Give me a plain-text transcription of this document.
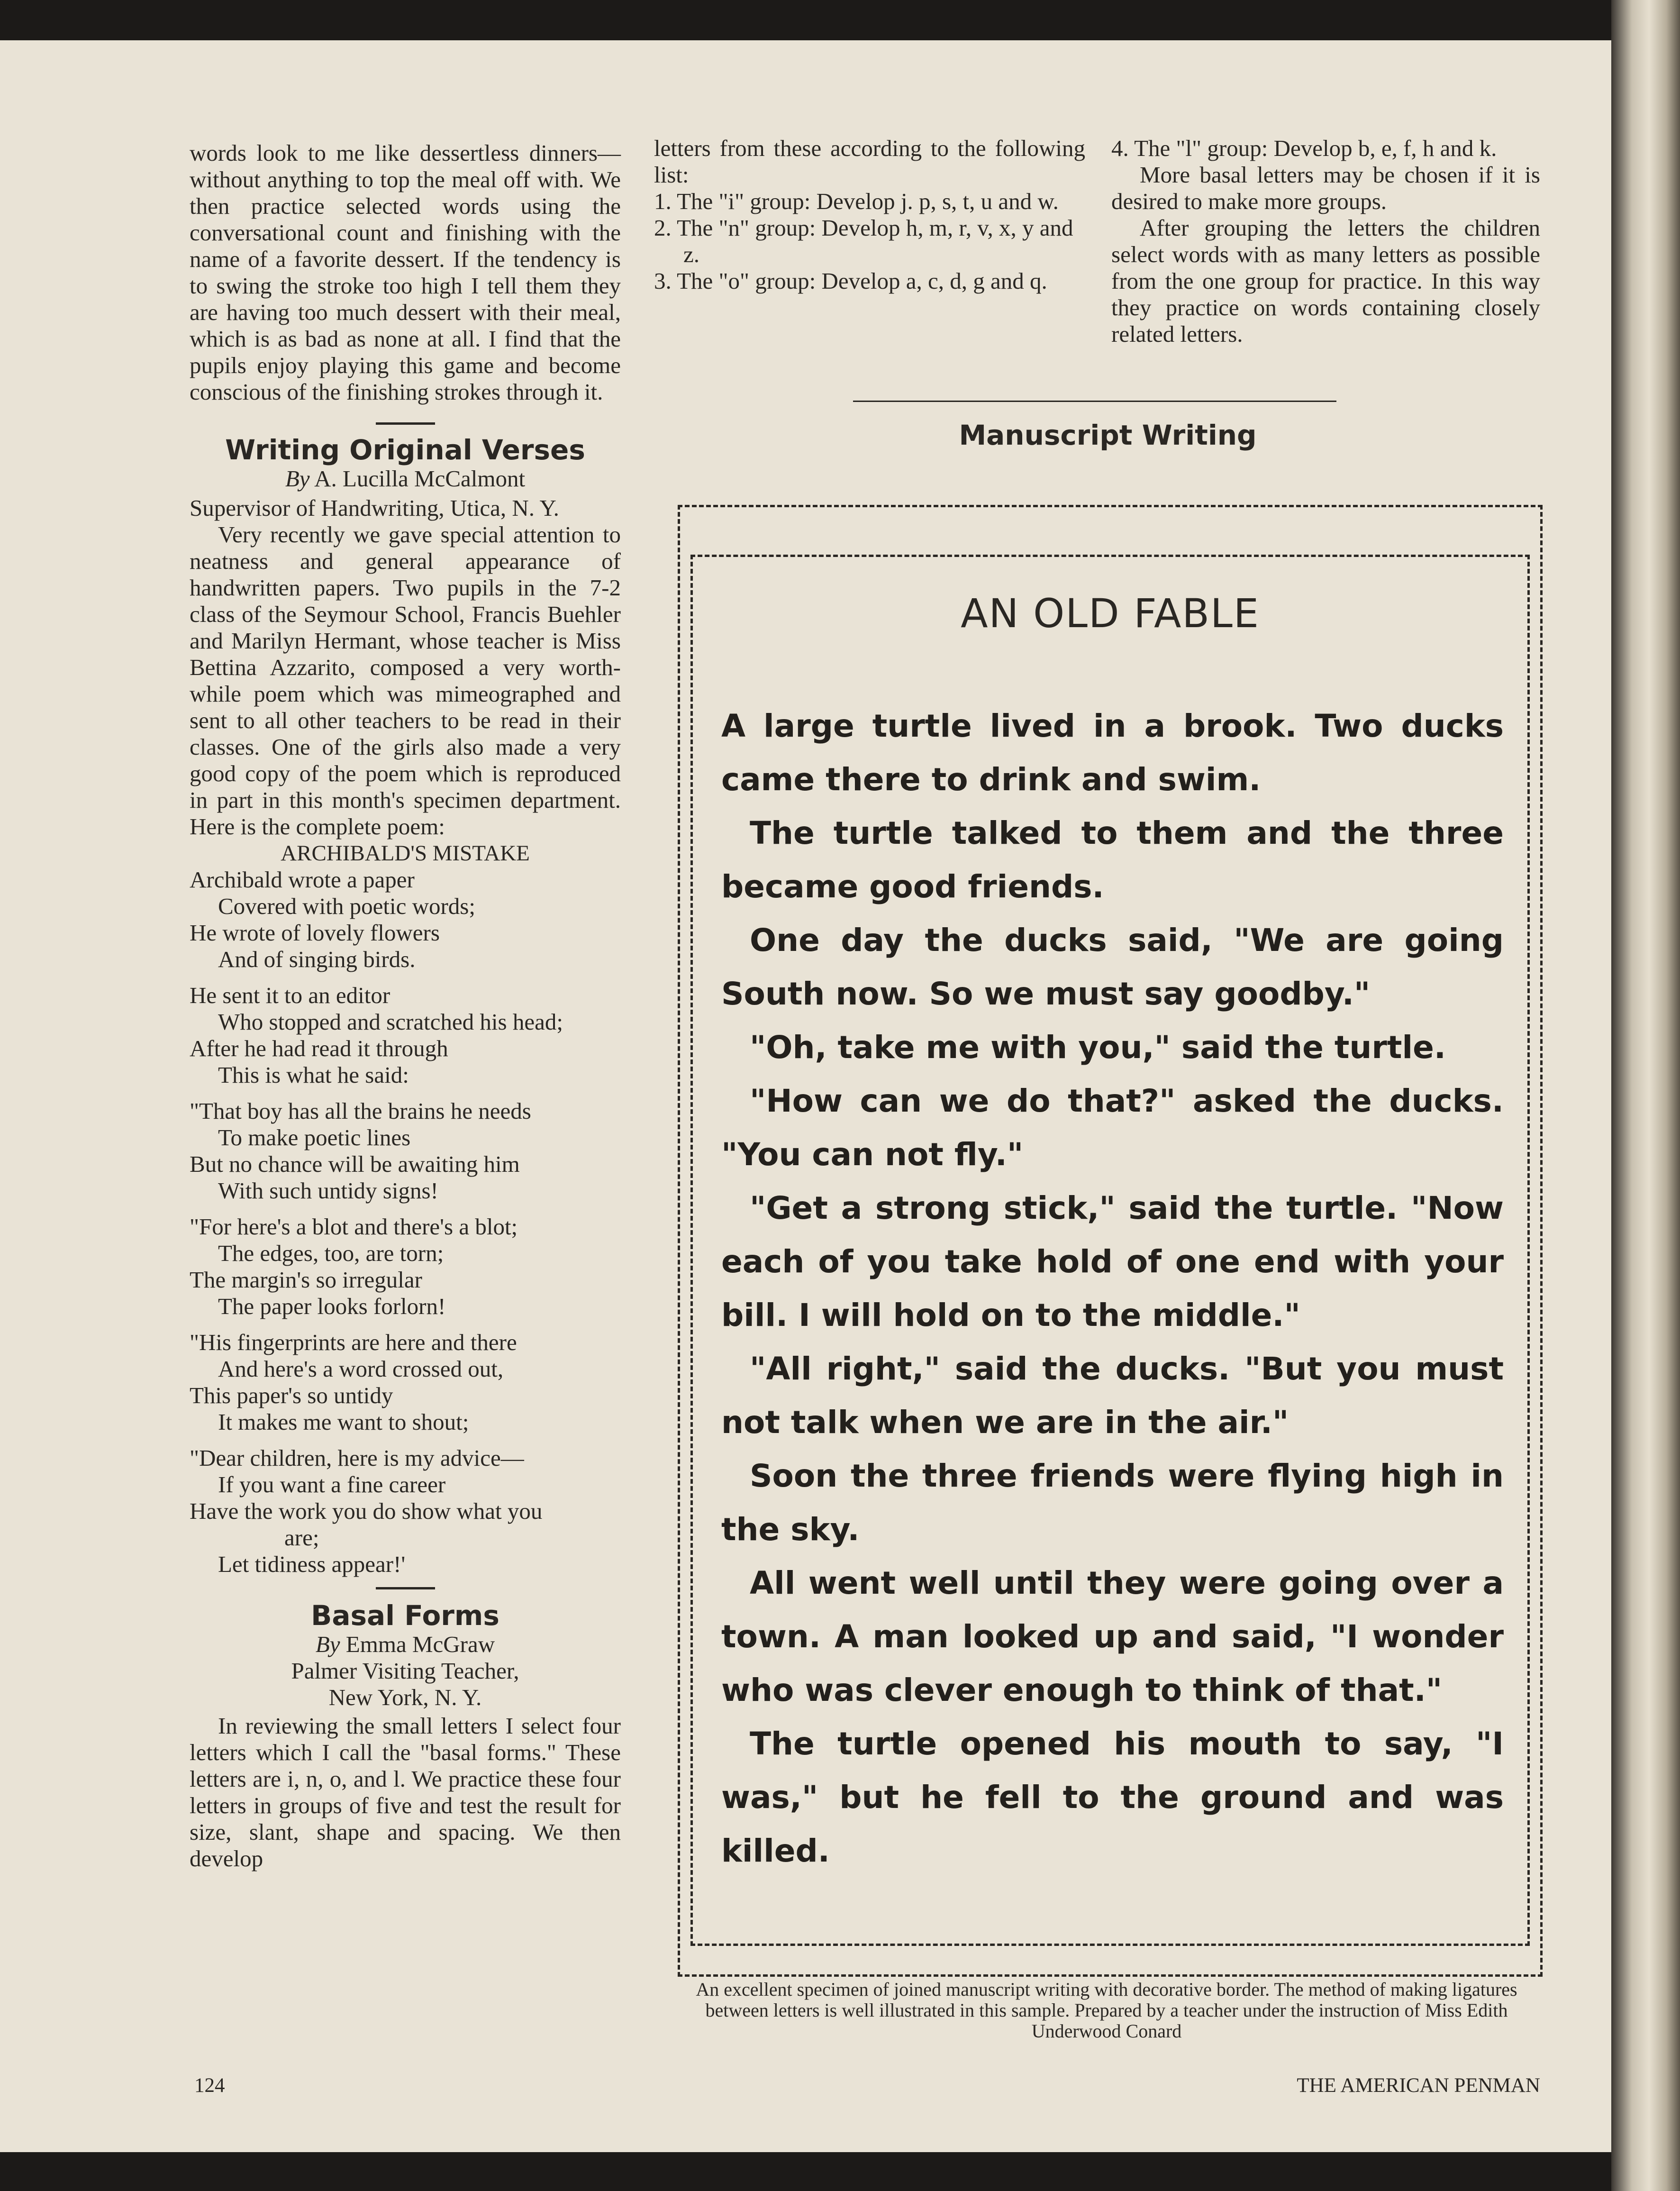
words look to me like dessertless dinners—without anything to top the meal off with. We then practice selected words using the conversational count and finishing with the name of a favorite dessert. If the tendency is to swing the stroke too high I tell them they are having too much dessert with their meal, which is as bad as none at all. I find that the pupils enjoy playing this game and become conscious of the finishing strokes through it.

Writing Original Verses

By A. Lucilla McCalmont

Supervisor of Handwriting, Utica, N. Y.

Very recently we gave special attention to neatness and general appearance of handwritten papers. Two pupils in the 7-2 class of the Seymour School, Francis Buehler and Marilyn Hermant, whose teacher is Miss Bettina Azzarito, composed a very worth-while poem which was mimeographed and sent to all other teachers to be read in their classes. One of the girls also made a very good copy of the poem which is reproduced in part in this month's specimen department. Here is the complete poem:

ARCHIBALD'S MISTAKE

Archibald wrote a paper

Covered with poetic words;

He wrote of lovely flowers

And of singing birds.

He sent it to an editor

Who stopped and scratched his head;

After he had read it through

This is what he said:

"That boy has all the brains he needs

To make poetic lines

But no chance will be awaiting him

With such untidy signs!

"For here's a blot and there's a blot;

The edges, too, are torn;

The margin's so irregular

The paper looks forlorn!

"His fingerprints are here and there

And here's a word crossed out,

This paper's so untidy

It makes me want to shout;

"Dear children, here is my advice—

If you want a fine career

Have the work you do show what you

are;

Let tidiness appear!'

Basal Forms

By Emma McGraw

Palmer Visiting Teacher,

New York, N. Y.

In reviewing the small letters I select four letters which I call the "basal forms." These letters are i, n, o, and l. We practice these four letters in groups of five and test the result for size, slant, shape and spacing. We then develop

letters from these according to the following list:

1. The "i" group: Develop j. p, s, t, u and w.
2. The "n" group: Develop h, m, r, v, x, y and z.
3. The "o" group: Develop a, c, d, g and q.
4. The "l" group: Develop b, e, f, h and k.

More basal letters may be chosen if it is desired to make more groups.

After grouping the letters the children select words with as many letters as possible from the one group for practice. In this way they practice on words containing closely related letters.

Manuscript Writing

AN OLD FABLE

A large turtle lived in a brook. Two ducks came there to drink and swim.

The turtle talked to them and the three became good friends.

One day the ducks said, "We are going South now. So we must say goodby."

"Oh, take me with you," said the turtle.

"How can we do that?" asked the ducks. "You can not fly."

"Get a strong stick," said the turtle. "Now each of you take hold of one end with your bill. I will hold on to the middle."

"All right," said the ducks. "But you must not talk when we are in the air."

Soon the three friends were flying high in the sky.

All went well until they were going over a town. A man looked up and said, "I wonder who was clever enough to think of that."

The turtle opened his mouth to say, "I was," but he fell to the ground and was killed.

An excellent specimen of joined manuscript writing with decorative border. The method of making ligatures between letters is well illustrated in this sample. Prepared by a teacher under the instruction of Miss Edith Underwood Conard

124	THE AMERICAN PENMAN
